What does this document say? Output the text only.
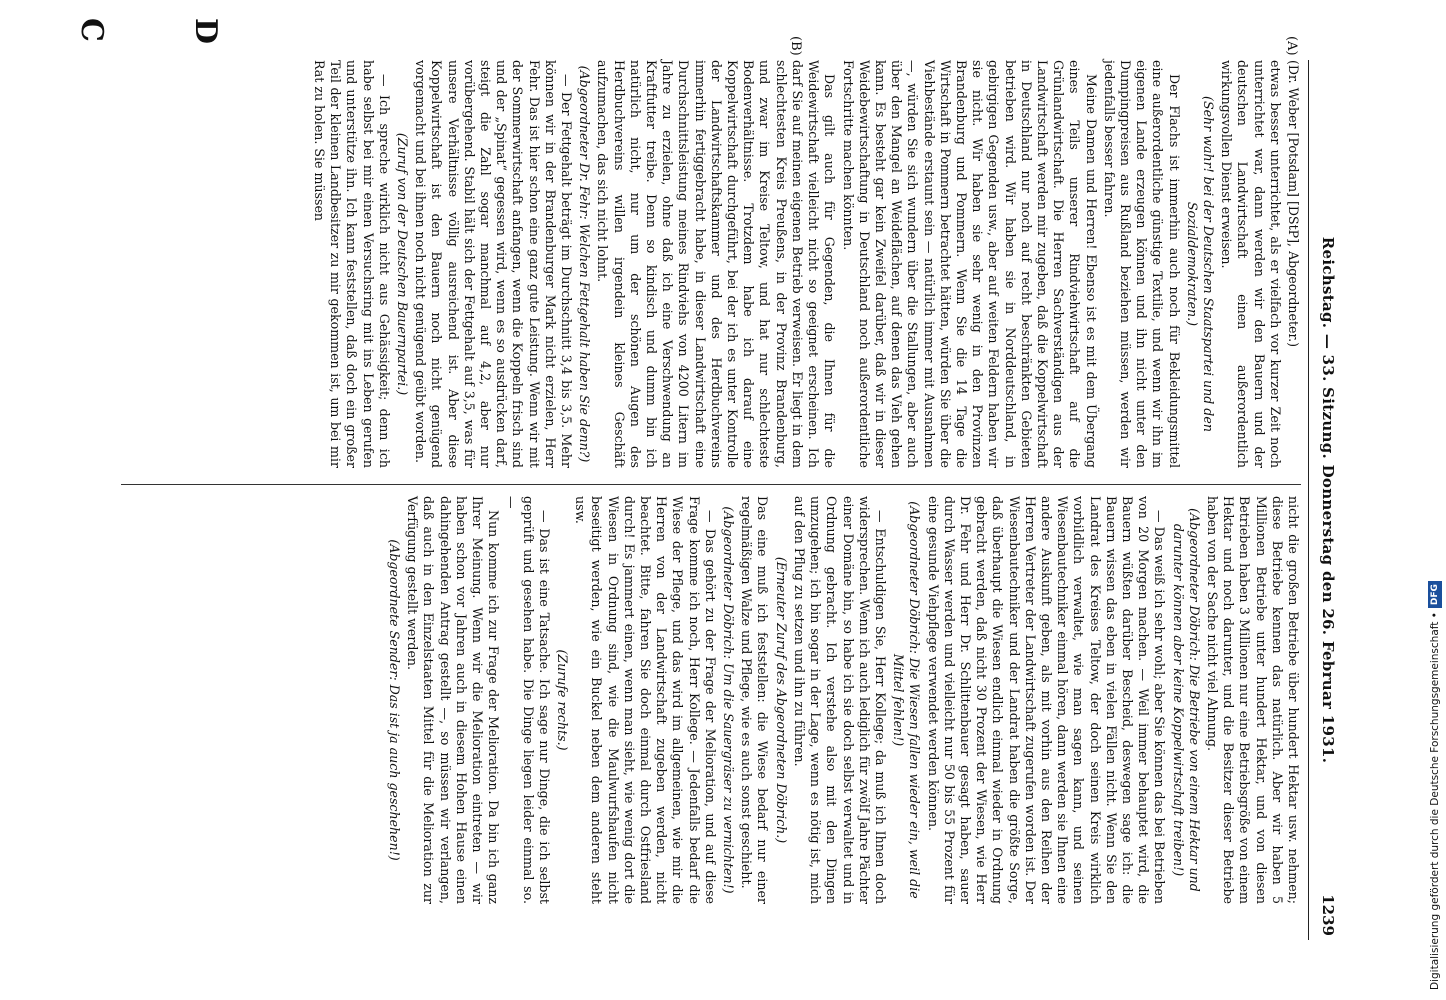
Reichstag. — 33. Sitzung. Donnerstag den 26. Februar 1931.
1239
(A)
(B)
C	D

(Dr. Weber [Potsdam] [DStP], Abgeordneter.)

etwas besser unterrichtet, als er vielfach vor kurzer Zeit noch unterrichtet war, dann werden wir den Bauern und der deutschen Landwirtschaft einen außerordentlich wirkungsvollen Dienst erweisen.

(Sehr wahr! bei der Deutschen Staatspartei und den Sozialdemokraten.)

Der Flachs ist immerhin auch noch für Bekleidungsmittel eine außerordentliche günstige Textilie, und wenn wir ihn im eigenen Lande erzeugen können und ihn nicht unter den Dumpingpreisen aus Rußland beziehen müssen, werden wir jedenfalls besser fahren.

Meine Damen und Herren! Ebenso ist es mit dem Übergang eines Teils unserer Rindviehwirtschaft auf die Grünlandwirtschaft. Die Herren Sachverständigen aus der Landwirtschaft werden mir zugeben, daß die Koppelwirtschaft in Deutschland nur noch auf recht beschränkten Gebieten betrieben wird. Wir haben sie in Norddeutschland, in gebirgigen Gegenden usw., aber auf weiten Feldern haben wir sie nicht. Wir haben sie sehr wenig in den Provinzen Brandenburg und Pommern. Wenn Sie die 14 Tage die Wirtschaft in Pommern betrachtet hätten, würden Sie über die Viehbestände erstaunt sein — natürlich immer mit Ausnahmen —, würden Sie sich wundern über die Stallungen, aber auch über den Mangel an Weideflächen, auf denen das Vieh gehen kann. Es besteht gar kein Zweifel darüber, daß wir in dieser Weidebewirtschaftung in Deutschland noch außerordentliche Fortschritte machen könnten.

Das gilt auch für Gegenden, die Ihnen für die Weidewirtschaft vielleicht nicht so geeignet erscheinen. Ich darf Sie auf meinen eigenen Betrieb verweisen. Er liegt in dem schlechtesten Kreis Preußens, in der Provinz Brandenburg, und zwar im Kreise Teltow, und hat nur schlechteste Bodenverhältnisse. Trotzdem habe ich darauf eine Koppelwirtschaft durchgeführt, bei der ich es unter Kontrolle der Landwirtschaftskammer und des Herdbuchvereins immerhin fertiggebracht habe, in dieser Landwirtschaft eine Durchschnittsleistung meines Rindviehs von 4200 Litern im Jahre zu erzielen, ohne daß ich eine Verschwendung an Kraftfutter treibe. Denn so kindisch und dumm bin ich natürlich nicht, nur um der schönen Augen des Herdbuchvereins willen irgendein kleines Geschäft aufzumachen, das sich nicht lohnt.

(Abgeordneter Dr. Fehr: Welchen Fettgehalt haben Sie denn?)

— Der Fettgehalt beträgt im Durchschnitt 3,4 bis 3,5. Mehr können wir in der Brandenburger Mark nicht erzielen, Herr Fehr. Das ist hier schon eine ganz gute Leistung. Wenn wir mit der Sommerwirtschaft anfangen, wenn die Koppeln frisch sind und der „Spinat“ gegessen wird, wenn es so ausdrücken darf, steigt die Zahl sogar manchmal auf 4,2, aber nur vorübergehend. Stabil hält sich der Fettgehalt auf 3,5, was für unsere Verhältnisse völlig ausreichend ist. Aber diese Koppelwirtschaft ist den Bauern noch nicht genügend vorgemacht und bei ihnen noch nicht genügend geübt worden.

(Zuruf von der Deutschen Bauernpartei.)

— Ich spreche wirklich nicht aus Gehässigkeit; denn ich habe selbst bei mir einen Versuchsring mit ins Leben gerufen und unterstütze ihn. Ich kann feststellen, daß doch ein großer Teil der kleinen Landbesitzer zu mir gekommen ist, um bei mir Rat zu holen. Sie müssen

nicht die großen Betriebe über hundert Hektar usw. nehmen; diese Betriebe kennen das natürlich. Aber wir haben 5 Millionen Betriebe unter hundert Hektar, und von diesen Betrieben haben 3 Millionen nur eine Betriebsgröße von einem Hektar und noch darunter, und die Besitzer dieser Betriebe haben von der Sache nicht viel Ahnung.

(Abgeordneter Döbrich: Die Betriebe von einem Hektar und darunter können aber keine Koppelwirtschaft treiben!)

— Das weiß ich sehr wohl; aber Sie können das bei Betrieben von 20 Morgen machen. — Weil immer behauptet wird, die Bauern wüßten darüber Bescheid, deswegen sage ich: die Bauern wissen das eben in vielen Fällen nicht. Wenn Sie den Landrat des Kreises Teltow, der doch seinen Kreis wirklich vorbildlich verwaltet, wie man sagen kann, und seinen Wiesenbautechniker einmal hören, dann werden sie Ihnen eine andere Auskunft geben, als mit vorhin aus den Reihen der Herren Vertreter der Landwirtschaft zugerufen worden ist. Der Wiesenbautechniker und der Landrat haben die größte Sorge, daß überhaupt die Wiesen endlich einmal wieder in Ordnung gebracht werden, daß nicht 30 Prozent der Wiesen, wie Herr Dr. Fehr und Herr Dr. Schlittenbauer gesagt haben, sauer durch Wasser werden und vielleicht nur 50 bis 55 Prozent für eine gesunde Viehpflege verwendet werden können.

(Abgeordneter Döbrich: Die Wiesen fallen wieder ein, weil die Mittel fehlen!)

— Entschuldigen Sie, Herr Kollege; da muß ich Ihnen doch widersprechen. Wenn ich auch lediglich für zwölf Jahre Pächter einer Domäne bin, so habe ich sie doch selbst verwaltet und in Ordnung gebracht. Ich verstehe also mit den Dingen umzugehen; ich bin sogar in der Lage, wenn es nötig ist, mich auf den Pflug zu setzen und ihn zu führen.

(Erneuter Zuruf des Abgeordneten Döbrich.)

Das eine muß ich feststellen: die Wiese bedarf nur einer regelmäßigen Walze und Pflege, wie es auch sonst geschieht.

(Abgeordneter Döbrich: Um die Sauergräser zu vernichten!)

— Das gehört zu der Frage der Melioration, und auf diese Frage komme ich noch, Herr Kollege. — Jedenfalls bedarf die Wiese der Pflege, und das wird im allgemeinen, wie mir die Herren von der Landwirtschaft zugeben werden, nicht beachtet. Bitte, fahren Sie doch einmal durch Ostfriesland durch! Es jammert einen, wenn man sieht, wie wenig dort die Wiesen in Ordnung sind, wie die Maulwurfshaufen nicht beseitigt werden, wie ein Buckel neben dem anderen steht usw.

(Zurufe rechts.)

— Das ist eine Tatsache. Ich sage nur Dinge, die ich selbst geprüft und gesehen habe. Die Dinge liegen leider einmal so. —

Nun komme ich zur Frage der Melioration. Da bin ich ganz Ihrer Meinung. Wenn wir die Melioration eintreten — wir haben schon vor Jahren auch in diesem Hohen Hause einen dahingehenden Antrag gestellt —, so müssen wir verlangen, daß auch in den Einzelstaaten Mittel für die Melioration zur Verfügung gestellt werden.

(Abgeordnete Sender: Das ist ja auch geschehen!)	Digitalisierung gefördert durch die Deutsche Forschungsgemeinschaft •DFG
